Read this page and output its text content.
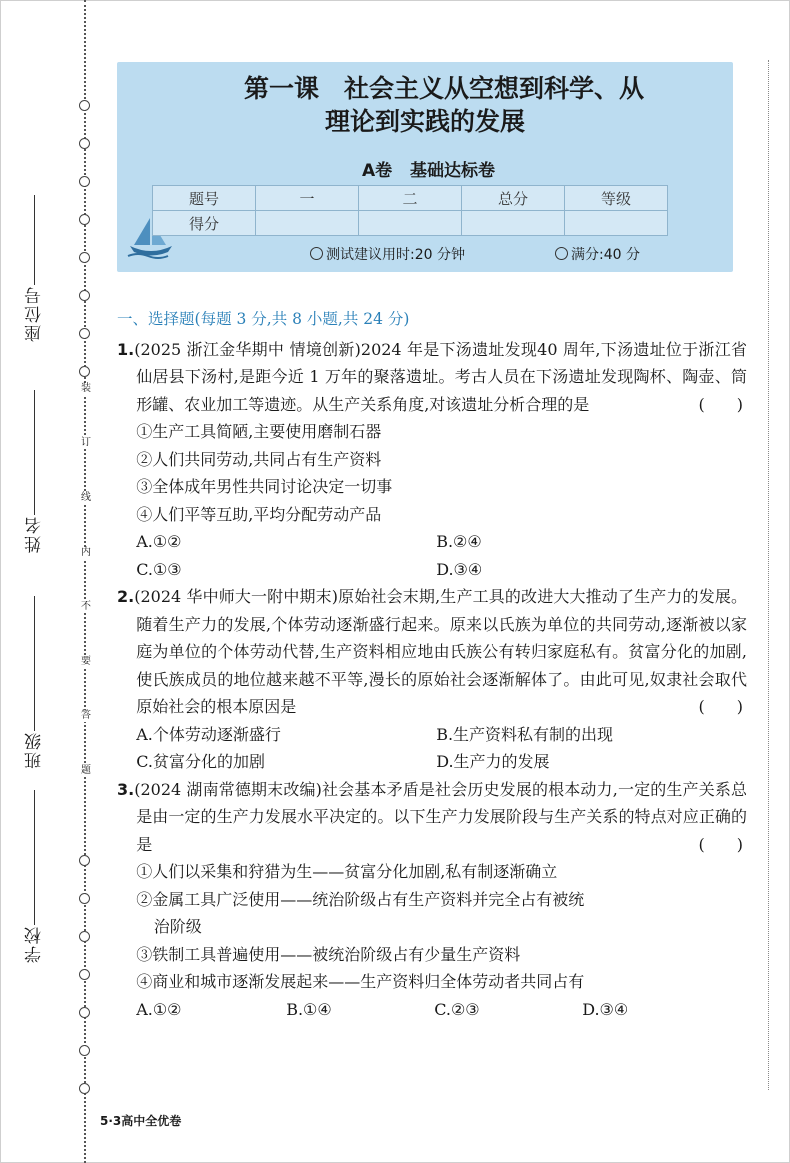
装
订
线
内
不
要
答
题
座位号
姓名
班级
学校
第一课　社会主义从空想到科学、从
理论到实践的发展
A卷 基础达标卷
题号	一	二	总分	等级
得分				
测试建议用时:20 分钟	满分:40 分
一、选择题(每题 3 分,共 8 小题,共 24 分)
1.(2025 浙江金华期中 情境创新)2024 年是下汤遗址发现40 周年,下汤遗址位于浙江省仙居县下汤村,是距今近 1 万年的聚落遗址。考古人员在下汤遗址发现陶杯、陶壶、筒形罐、农业加工等遗迹。从生产关系角度,对该遗址分析合理的是	(　　)
①生产工具简陋,主要使用磨制石器
②人们共同劳动,共同占有生产资料
③全体成年男性共同讨论决定一切事
④人们平等互助,平均分配劳动产品
A.①②	B.②④
C.①③	D.③④
2.(2024 华中师大一附中期末)原始社会末期,生产工具的改进大大推动了生产力的发展。随着生产力的发展,个体劳动逐渐盛行起来。原来以氏族为单位的共同劳动,逐渐被以家庭为单位的个体劳动代替,生产资料相应地由氏族公有转归家庭私有。贫富分化的加剧,使氏族成员的地位越来越不平等,漫长的原始社会逐渐解体了。由此可见,奴隶社会取代原始社会的根本原因是	(　　)
A.个体劳动逐渐盛行	B.生产资料私有制的出现
C.贫富分化的加剧	D.生产力的发展
3.(2024 湖南常德期末改编)社会基本矛盾是社会历史发展的根本动力,一定的生产关系总是由一定的生产力发展水平决定的。以下生产力发展阶段与生产关系的特点对应正确的是	(　　)
①人们以采集和狩猎为生——贫富分化加剧,私有制逐渐确立
②金属工具广泛使用——统治阶级占有生产资料并完全占有被统
治阶级
③铁制工具普遍使用——被统治阶级占有少量生产资料
④商业和城市逐渐发展起来——生产资料归全体劳动者共同占有
A.①②	B.①④	C.②③	D.③④
5·3高中全优卷
